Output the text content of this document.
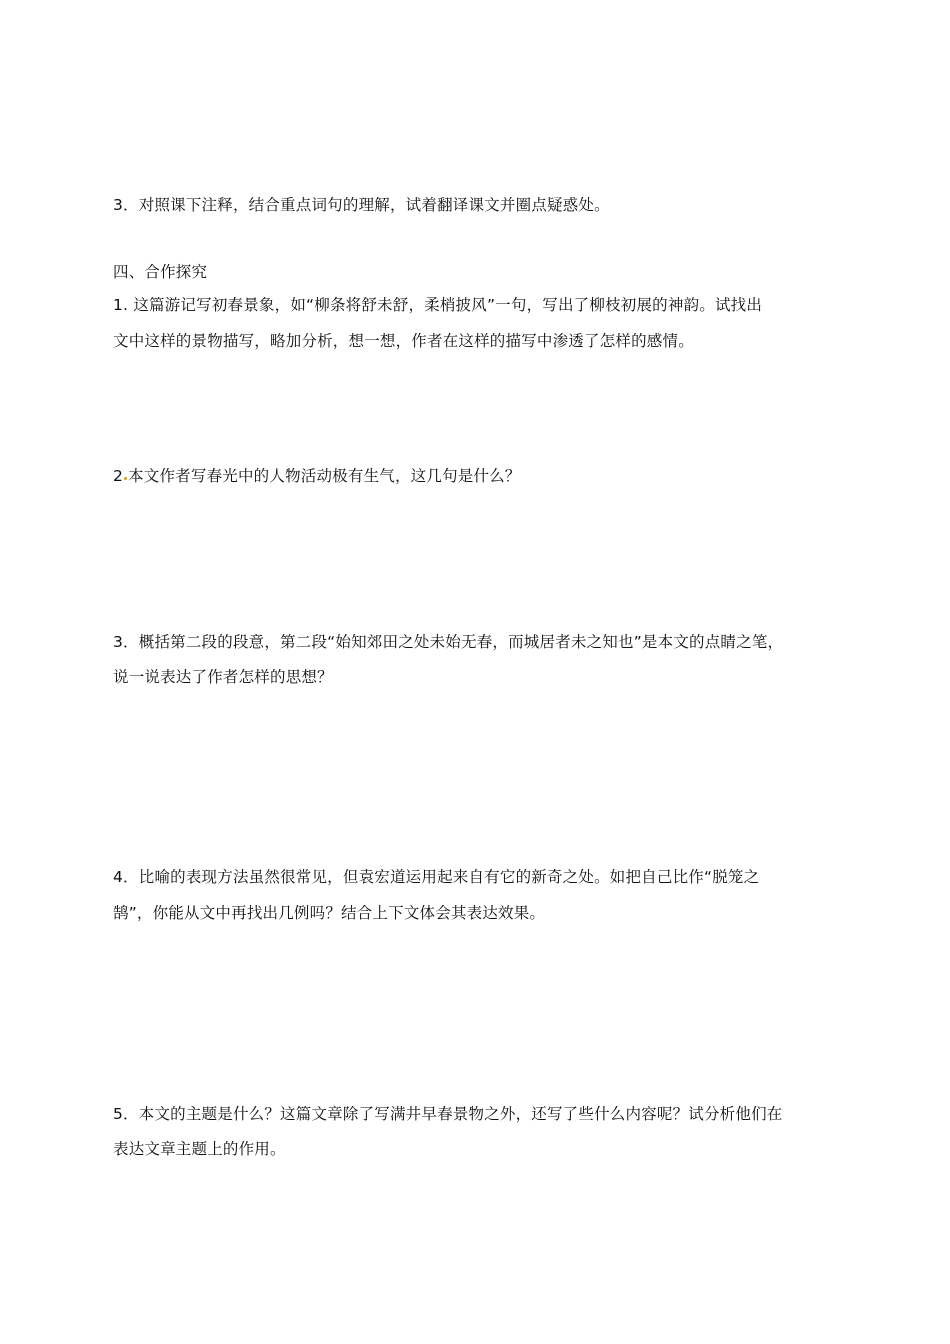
3．对照课下注释，结合重点词句的理解，试着翻译课文并圈点疑惑处。
四、合作探究
1. 这篇游记写初春景象，如“柳条将舒未舒，柔梢披风”一句，写出了柳枝初展的神韵。试找出
文中这样的景物描写，略加分析，想一想，作者在这样的描写中渗透了怎样的感情。
2 本文作者写春光中的人物活动极有生气，这几句是什么？
3．概括第二段的段意，第二段“始知郊田之处未始无春，而城居者未之知也”是本文的点睛之笔，
说一说表达了作者怎样的思想？
4．比喻的表现方法虽然很常见，但袁宏道运用起来自有它的新奇之处。如把自己比作“脱笼之
鹄”，你能从文中再找出几例吗？结合上下文体会其表达效果。
5．本文的主题是什么？这篇文章除了写满井早春景物之外，还写了些什么内容呢？试分析他们在
表达文章主题上的作用。
